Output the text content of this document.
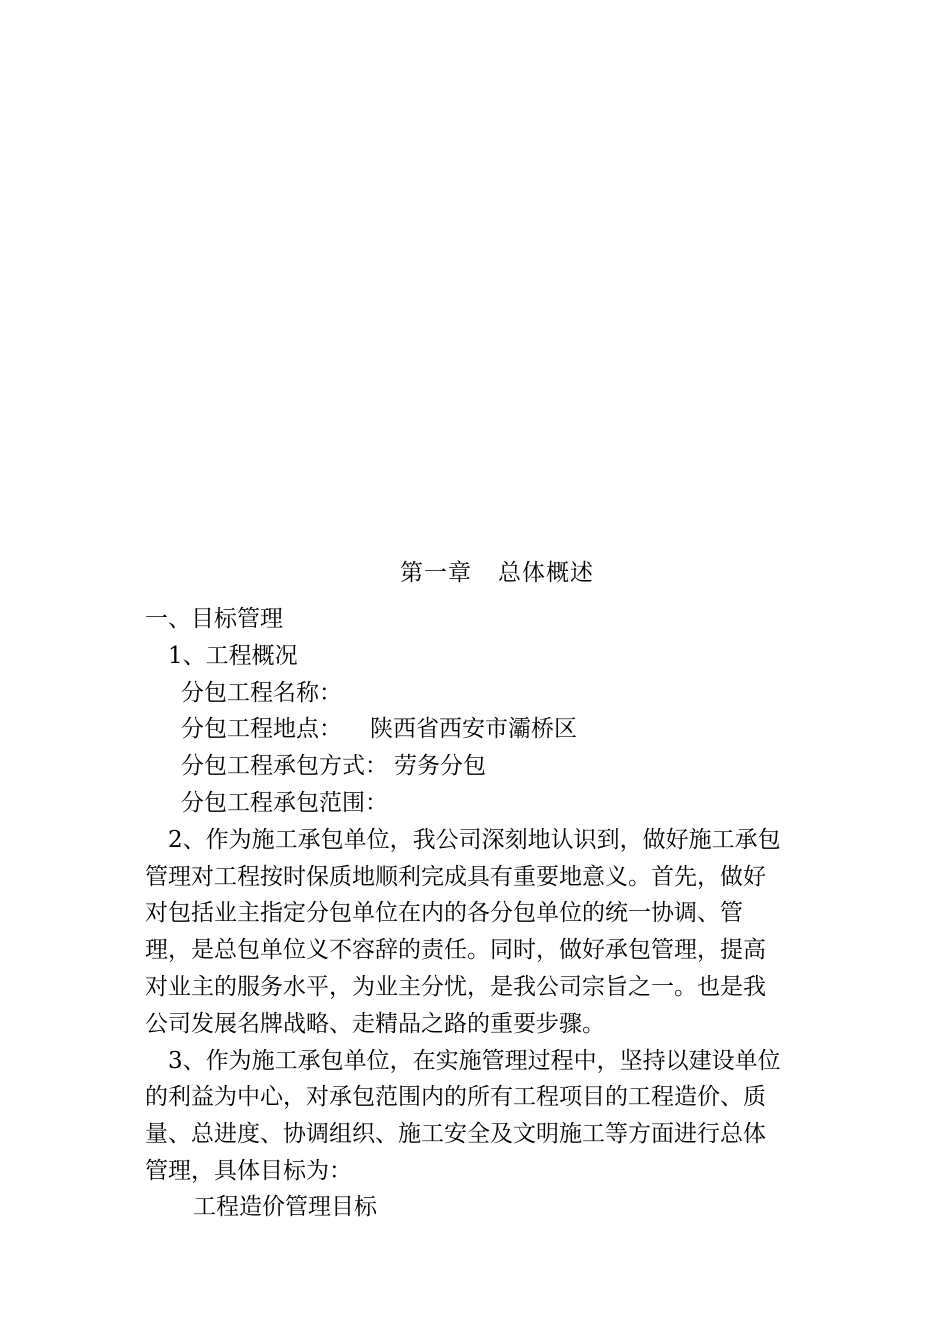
第一章 总体概述

一、目标管理

1、工程概况

分包工程名称：

分包工程地点： 陕西省西安市灞桥区

分包工程承包方式： 劳务分包

分包工程承包范围：

2、作为施工承包单位，我公司深刻地认识到，做好施工承包

管理对工程按时保质地顺利完成具有重要地意义。首先，做好

对包括业主指定分包单位在内的各分包单位的统一协调、管

理，是总包单位义不容辞的责任。同时，做好承包管理，提高

对业主的服务水平，为业主分忧，是我公司宗旨之一。也是我

公司发展名牌战略、走精品之路的重要步骤。

3、作为施工承包单位，在实施管理过程中，坚持以建设单位

的利益为中心，对承包范围内的所有工程项目的工程造价、质

量、总进度、协调组织、施工安全及文明施工等方面进行总体

管理，具体目标为：

工程造价管理目标
